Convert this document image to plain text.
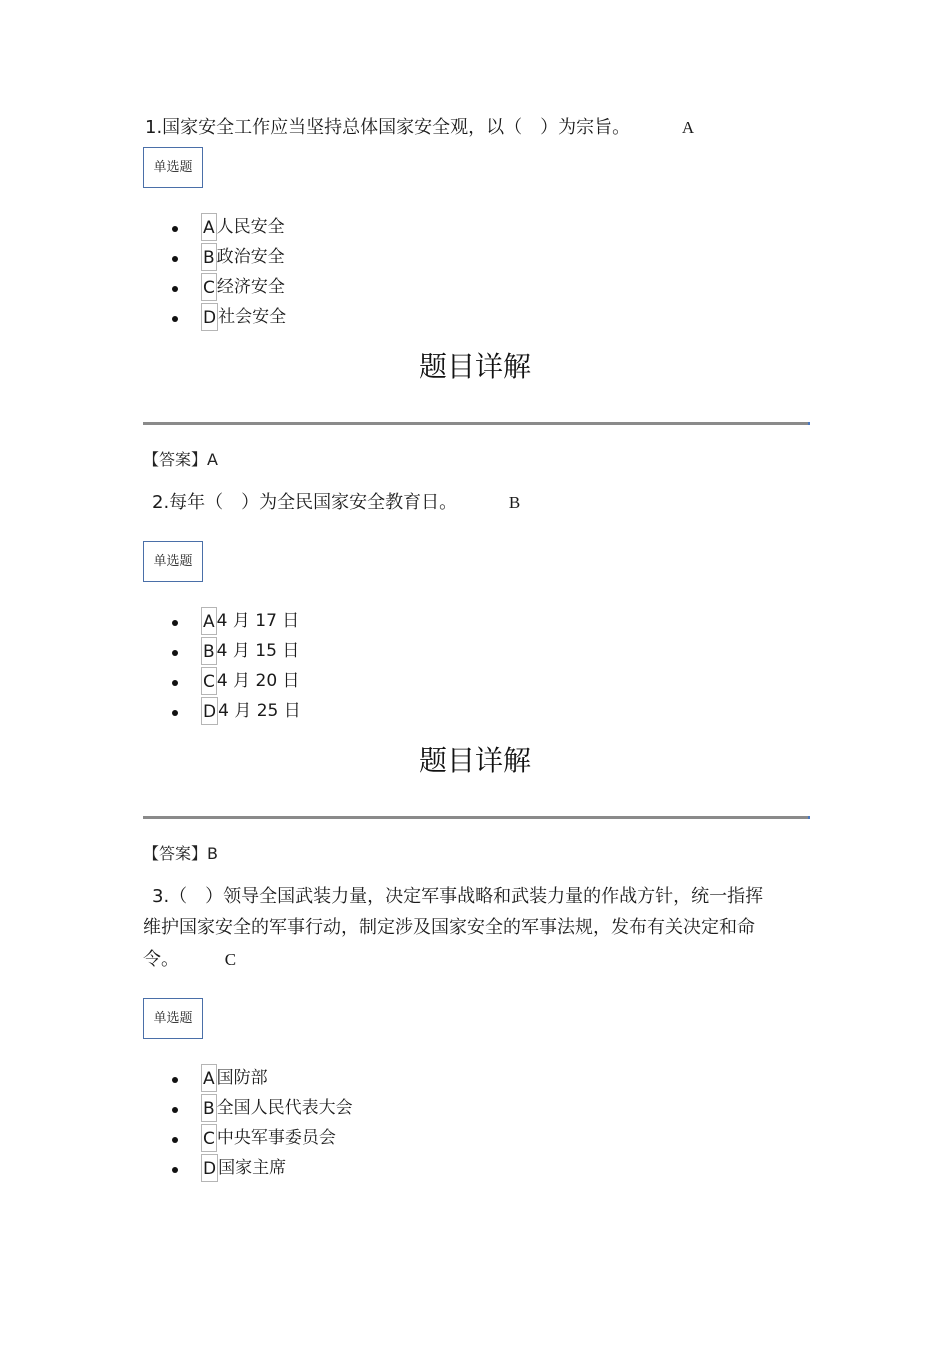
1.国家安全工作应当坚持总体国家安全观，以（　）为宗旨。	A
单选题
A 人民安全
B 政治安全
C 经济安全
D 社会安全
题目详解
【答案】A
2.每年（　）为全民国家安全教育日。	B
单选题
A 4 月 17 日
B 4 月 15 日
C 4 月 20 日
D 4 月 25 日
题目详解
【答案】B
3.（　）领导全国武装力量，决定军事战略和武装力量的作战方针，统一指挥
维护国家安全的军事行动，制定涉及国家安全的军事法规，发布有关决定和命
令。	C
单选题
A 国防部
B 全国人民代表大会
C 中央军事委员会
D 国家主席
